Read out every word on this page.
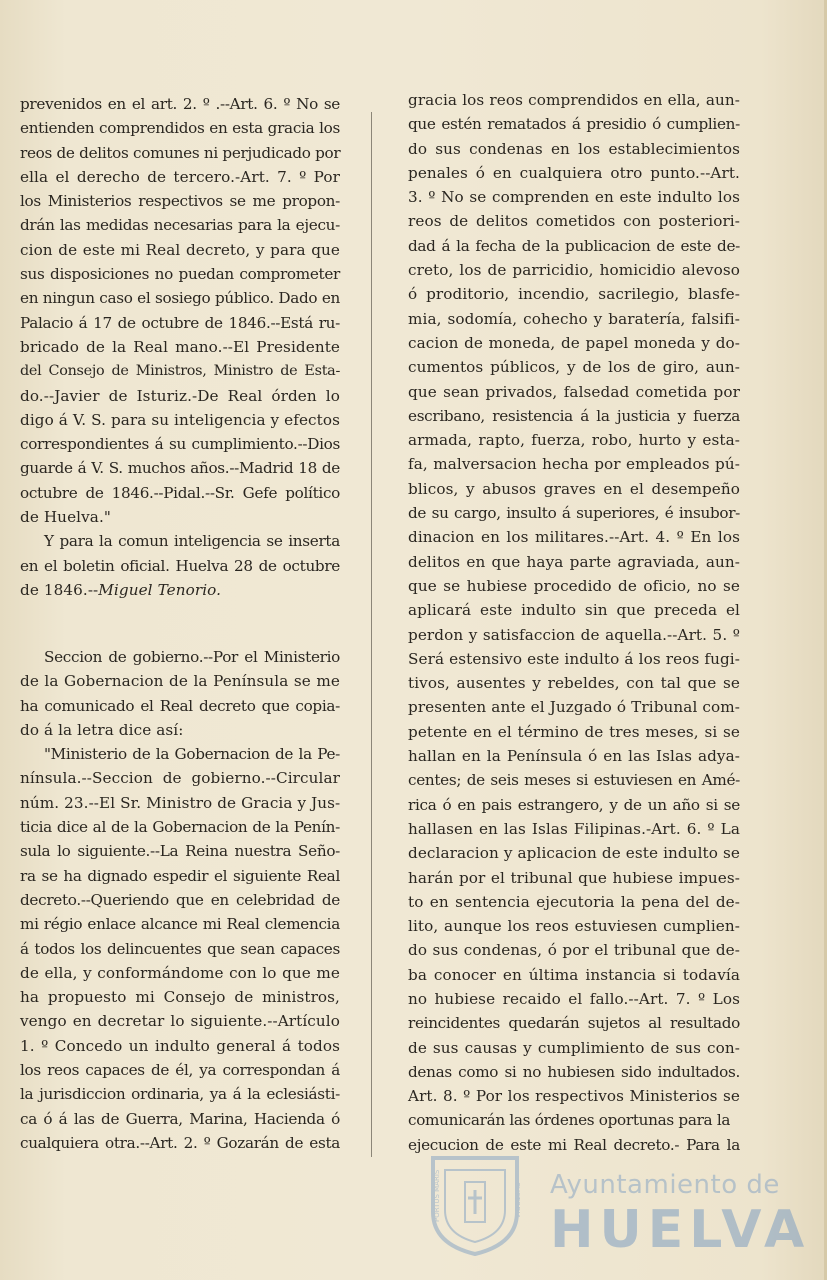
prevenidos en el art. 2. º .--Art. 6. º No se

entienden comprendidos en esta gracia los

reos de delitos comunes ni perjudicado por

ella el derecho de tercero.-Art. 7. º Por

los Ministerios respectivos se me propon-

drán las medidas necesarias para la ejecu-

cion de este mi Real decreto, y para que

sus disposiciones no puedan comprometer

en ningun caso el sosiego público. Dado en

Palacio á 17 de octubre de 1846.--Está ru-

bricado de la Real mano.--El Presidente

del Consejo de Ministros, Ministro de Esta-

do.--Javier de Isturiz.-De Real órden lo

digo á V. S. para su inteligencia y efectos

correspondientes á su cumplimiento.--Dios

guarde á V. S. muchos años.--Madrid 18 de

octubre de 1846.--Pidal.--Sr. Gefe político

de Huelva."

Y para la comun inteligencia se inserta

en el boletin oficial. Huelva 28 de octubre

de 1846.--Miguel Tenorio.

Seccion de gobierno.--Por el Ministerio

de la Gobernacion de la Península se me

ha comunicado el Real decreto que copia-

do á la letra dice así:

"Ministerio de la Gobernacion de la Pe-

nínsula.--Seccion de gobierno.--Circular

núm. 23.--El Sr. Ministro de Gracia y Jus-

ticia dice al de la Gobernacion de la Penín-

sula lo siguiente.--La Reina nuestra Seño-

ra se ha dignado espedir el siguiente Real

decreto.--Queriendo que en celebridad de

mi régio enlace alcance mi Real clemencia

á todos los delincuentes que sean capaces

de ella, y conformándome con lo que me

ha propuesto mi Consejo de ministros,

vengo en decretar lo siguiente.--Artículo

1. º Concedo un indulto general á todos

los reos capaces de él, ya correspondan á

la jurisdiccion ordinaria, ya á la eclesiásti-

ca ó á las de Guerra, Marina, Hacienda ó

cualquiera otra.--Art. 2. º Gozarán de esta

gracia los reos comprendidos en ella, aun-

que estén rematados á presidio ó cumplien-

do sus condenas en los establecimientos

penales ó en cualquiera otro punto.--Art.

3. º No se comprenden en este indulto los

reos de delitos cometidos con posteriori-

dad á la fecha de la publicacion de este de-

creto, los de parricidio, homicidio alevoso

ó proditorio, incendio, sacrilegio, blasfe-

mia, sodomía, cohecho y baratería, falsifi-

cacion de moneda, de papel moneda y do-

cumentos públicos, y de los de giro, aun-

que sean privados, falsedad cometida por

escribano, resistencia á la justicia y fuerza

armada, rapto, fuerza, robo, hurto y esta-

fa, malversacion hecha por empleados pú-

blicos, y abusos graves en el desempeño

de su cargo, insulto á superiores, é insubor-

dinacion en los militares.--Art. 4. º En los

delitos en que haya parte agraviada, aun-

que se hubiese procedido de oficio, no se

aplicará este indulto sin que preceda el

perdon y satisfaccion de aquella.--Art. 5. º

Será estensivo este indulto á los reos fugi-

tivos, ausentes y rebeldes, con tal que se

presenten ante el Juzgado ó Tribunal com-

petente en el término de tres meses, si se

hallan en la Península ó en las Islas adya-

centes; de seis meses si estuviesen en Amé-

rica ó en pais estrangero, y de un año si se

hallasen en las Islas Filipinas.-Art. 6. º La

declaracion y aplicacion de este indulto se

harán por el tribunal que hubiese impues-

to en sentencia ejecutoria la pena del de-

lito, aunque los reos estuviesen cumplien-

do sus condenas, ó por el tribunal que de-

ba conocer en última instancia si todavía

no hubiese recaido el fallo.--Art. 7. º Los

reincidentes quedarán sujetos al resultado

de sus causas y cumplimiento de sus con-

denas como si no hubiesen sido indultados.

Art. 8. º Por los respectivos Ministerios se

comunicarán las órdenes oportunas para la

ejecucion de este mi Real decreto.- Para la

PORTUS MARIS	CUSTODIA Ayuntamiento de
HUELVA
